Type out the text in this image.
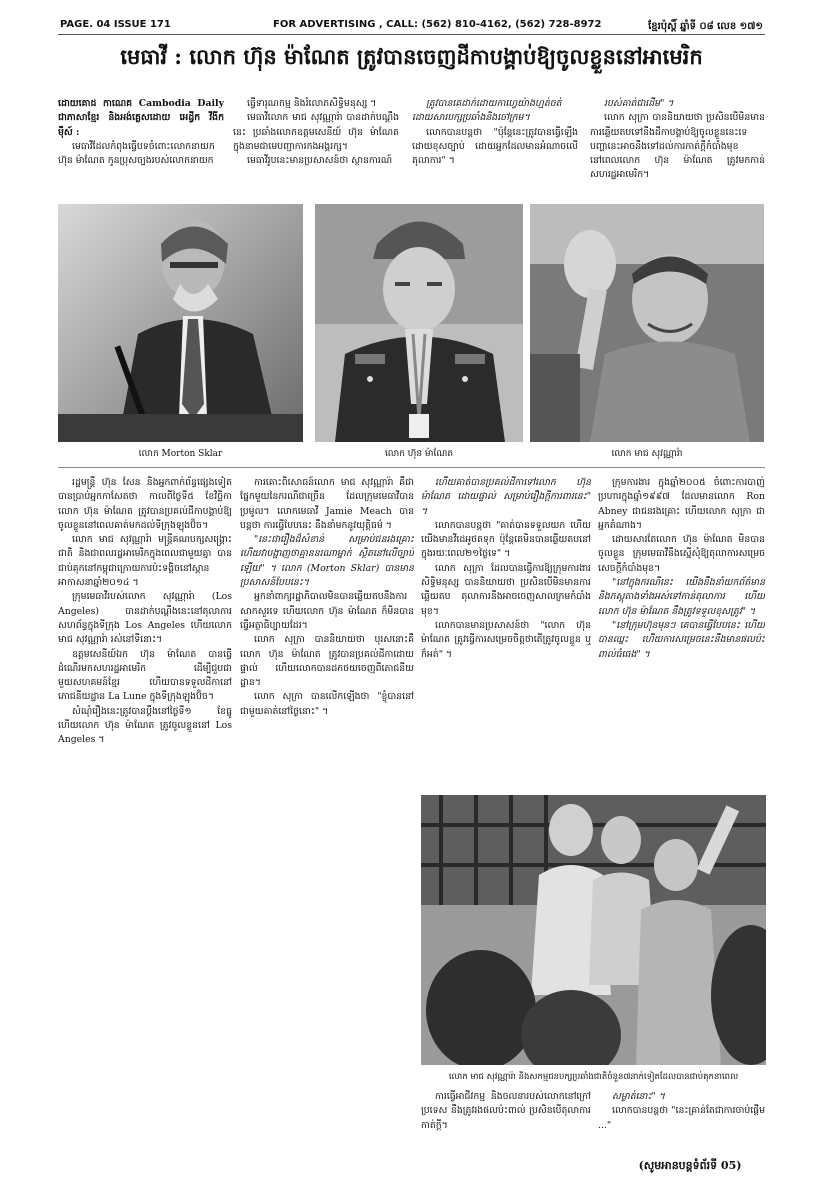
PAGE. 04 ISSUE 171	FOR ADVERTISING , CALL: (562) 810-4162, (562) 728-8972	ខ្មែរប៉ុស្តិ៍ ឆ្នាំទី ០៨ លេខ ១៧១
មេធាវី : លោក ហ៊ុន ម៉ាណែត ត្រូវបានចេញដីកាបង្គាប់ឱ្យចូលខ្លួននៅអាមេរិក

ដោយគោដ កាណេគ Cambodia Daily ជាភាសាខ្មែរ និងអង់គ្លេសដោយ អេដ្វីក វីងីក ម៉ឺស៍ :

មេធាវីដែលកំពុងធ្វើបទចំពោះលោកនាយក ហ៊ុន ម៉ាណែត កូនប្រុសច្បងរបស់លោកនាយក

ធ្វើទារុណកម្ម និងរំលោភសិទ្ធិមនុស្ស ។

មេធាវីលោក មាជ សុវណ្ណារ៉ា បានដាក់បណ្តឹងនេះ ប្រឆាំងលោកឧត្តមសេនីយ៍ ហ៊ុន ម៉ាណែត ក្នុងនាមជាមេបញ្ជាការកងអង្គរក្ស។

មេធាវីរូបនេះមានប្រសាសន៍ថា ស្ថានការណ៍

ត្រូវបានគេដាក់ដោយកាហ្វេយ៉ាងហ្មត់ចត់ ដោយសារបក្សប្រឆាំងនិងចៅក្រម។

លោកបានបន្តថា "ប៉ុន្តែនេះត្រូវបានធ្វើឡើងដោយខុសច្បាប់ ដោយអ្នកដែលមានអំណាចលើតុលាការ" ។

របស់គាត់ជាដើម" ។

លោក សុក្រា បាននិយាយថា ប្រសិនបើមិនមានការឆ្លើយតបទៅនឹងដីកាបង្គាប់ឱ្យចូលខ្លួននេះទេ បញ្ហានេះអាចនឹងទៅដល់ការកាត់ក្តីកំបាំងមុខ នៅពេលលោក ហ៊ុន ម៉ាណែត ត្រូវមកកាន់សហរដ្ឋអាមេរិក។

លោក Morton Sklar	លោក ហ៊ុន ម៉ាណែត	លោក មាជ សុវណ្ណារ៉ា

រដ្ឋមន្ត្រី ហ៊ុន សែន និងអ្នកពាក់ព័ន្ធផ្សេងទៀត បានប្រាប់អ្នកកាសែតថា កាលពីថ្ងៃទី៥ ខែវិច្ឆិកា លោក ហ៊ុន ម៉ាណែត ត្រូវបានប្រគល់ដីកាបង្គាប់ឱ្យចូលខ្លួននៅពេលគាត់មកដល់ទីក្រុងឡុងប៊ិច។

លោក មាជ សុវណ្ណារ៉ា មន្ត្រីគណបក្សសង្គ្រោះជាតិ និងជាពលរដ្ឋអាមេរិកក្នុងពេលជាមួយគ្នា បានជាប់គុកនៅកម្ពុជាក្រោយការប៉ះទង្គិចនៅស្ពានអាកាសនាឆ្នាំ២០១៤ ។

ក្រុមមេធាវីរបស់លោក សុវណ្ណារ៉ា (Los Angeles) បានដាក់បណ្តឹងនេះនៅតុលាការសហព័ន្ធក្នុងទីក្រុង Los Angeles ហើយលោក មាជ សុវណ្ណារ៉ា រស់នៅទីនោះ។

ឧត្តមសេនីយ៍ឯក ហ៊ុន ម៉ាណែត បានធ្វើដំណើរមកសហរដ្ឋអាមេរិក ដើម្បីជួបជាមួយសហគមន៍ខ្មែរ ហើយបានទទួលដីកានៅភោជនីយដ្ឋាន La Lune ក្នុងទីក្រុងឡុងប៊ិច។

សំណុំរឿងនេះត្រូវបានប្តឹងនៅថ្ងៃទី១ ខែធ្នូ ហើយលោក ហ៊ុន ម៉ាណែត ត្រូវចូលខ្លួននៅ Los Angeles ។

ការគោះពិសោធន៍លោក មាជ សុវណ្ណារ៉ា គឺជាផ្នែកមួយនៃករណីជាច្រើន ដែលក្រុមមេធាវីបានប្រមូល។ លោកមេធាវី Jamie Meach បានបន្តថា ការធ្វើបែបនេះ នឹងនាំមកនូវយុត្តិធម៌ ។

"នេះជារឿងដ៏សំខាន់ សម្រាប់ជនរងគ្រោះ ហើយវាបង្ហាញថាគ្មាននរណាម្នាក់ ស្ថិតនៅលើច្បាប់ឡើយ" ។ លោក (Morton Sklar) បានមានប្រសាសន៍បែបនេះ។

អ្នកនាំពាក្យរដ្ឋាភិបាលមិនបានឆ្លើយតបនឹងការសាកសួរទេ ហើយលោក ហ៊ុន ម៉ាណែត ក៏មិនបានធ្វើអត្ថាធិប្បាយដែរ។

លោក សុក្រា បាននិយាយថា បុរសនោះគឺលោក ហ៊ុន ម៉ាណែត ត្រូវបានប្រគល់ដីកាដោយផ្ទាល់ ហើយលោកបានដកថយចេញពីភោជនីយដ្ឋាន។

លោក សុក្រា បានលើកឡើងថា "ខ្ញុំបាននៅជាមួយគាត់នៅថ្ងៃនោះ" ។

ហើយគាត់បានប្រគល់ដីកាទៅលោក ហ៊ុន ម៉ាណែត ដោយផ្ទាល់ សម្រាប់រឿងក្តីការពារនេះ" ។

លោកបានបន្តថា "គាត់បានទទួលយក ហើយយើងមានវីដេអូថតទុក ប៉ុន្តែគេមិនបានឆ្លើយតបនៅក្នុងរយៈពេល២១ថ្ងៃទេ" ។

លោក សុក្រា ដែលបានធ្វើការឱ្យក្រុមការងារសិទ្ធិមនុស្ស បាននិយាយថា ប្រសិនបើមិនមានការឆ្លើយតប តុលាការនឹងអាចចេញសាលក្រមកំបាំងមុខ។

លោកបានមានប្រសាសន៍ថា "លោក ហ៊ុន ម៉ាណែត ត្រូវធ្វើការសម្រេចចិត្តថាតើត្រូវចូលខ្លួន ឬក៏អត់" ។

ក្រុមការងារ ក្នុងឆ្នាំ២០០៥ ចំពោះការបាញ់ប្រហារក្នុងឆ្នាំ១៩៩៧ ដែលមានលោក Ron Abney ជាជនរងគ្រោះ ហើយលោក សុក្រា ជាអ្នកតំណាង។

ដោយសារតែលោក ហ៊ុន ម៉ាណែត មិនបានចូលខ្លួន ក្រុមមេធាវីនឹងស្នើសុំឱ្យតុលាការសម្រេចសេចក្តីកំបាំងមុខ។

"នៅក្នុងករណីនេះ យើងនឹងនាំយកព័ត៌មាន និងភស្តុតាងទាំងអស់ទៅកាន់តុលាការ ហើយលោក ហ៊ុន ម៉ាណែត នឹងត្រូវទទួលខុសត្រូវ" ។

"នៅក្រុមហ៊ុនមុនៗ គេបានធ្វើបែបនេះ ហើយបានឈ្នះ ហើយការសម្រេចនេះនឹងមានផលប៉ះពាល់ធំធេង" ។

លោក មាជ សុវណ្ណារ៉ា និងសកម្មជនបក្សប្រឆាំងជាតិចំនួន៧នាក់ទៀតដែលបានជាប់គុកនាពេល

ការធ្វើអាជីវកម្ម និងចលនារបស់លោកនៅក្រៅប្រទេស នឹងត្រូវរងផលប៉ះពាល់ ប្រសិនបើតុលាការកាត់ក្តី។

សម្ងាត់នោះ" ។

លោកបានបន្តថា "នេះគ្រាន់តែជាការចាប់ផ្តើម ..."

(សូមអានបន្តទំព័រទី 05)
